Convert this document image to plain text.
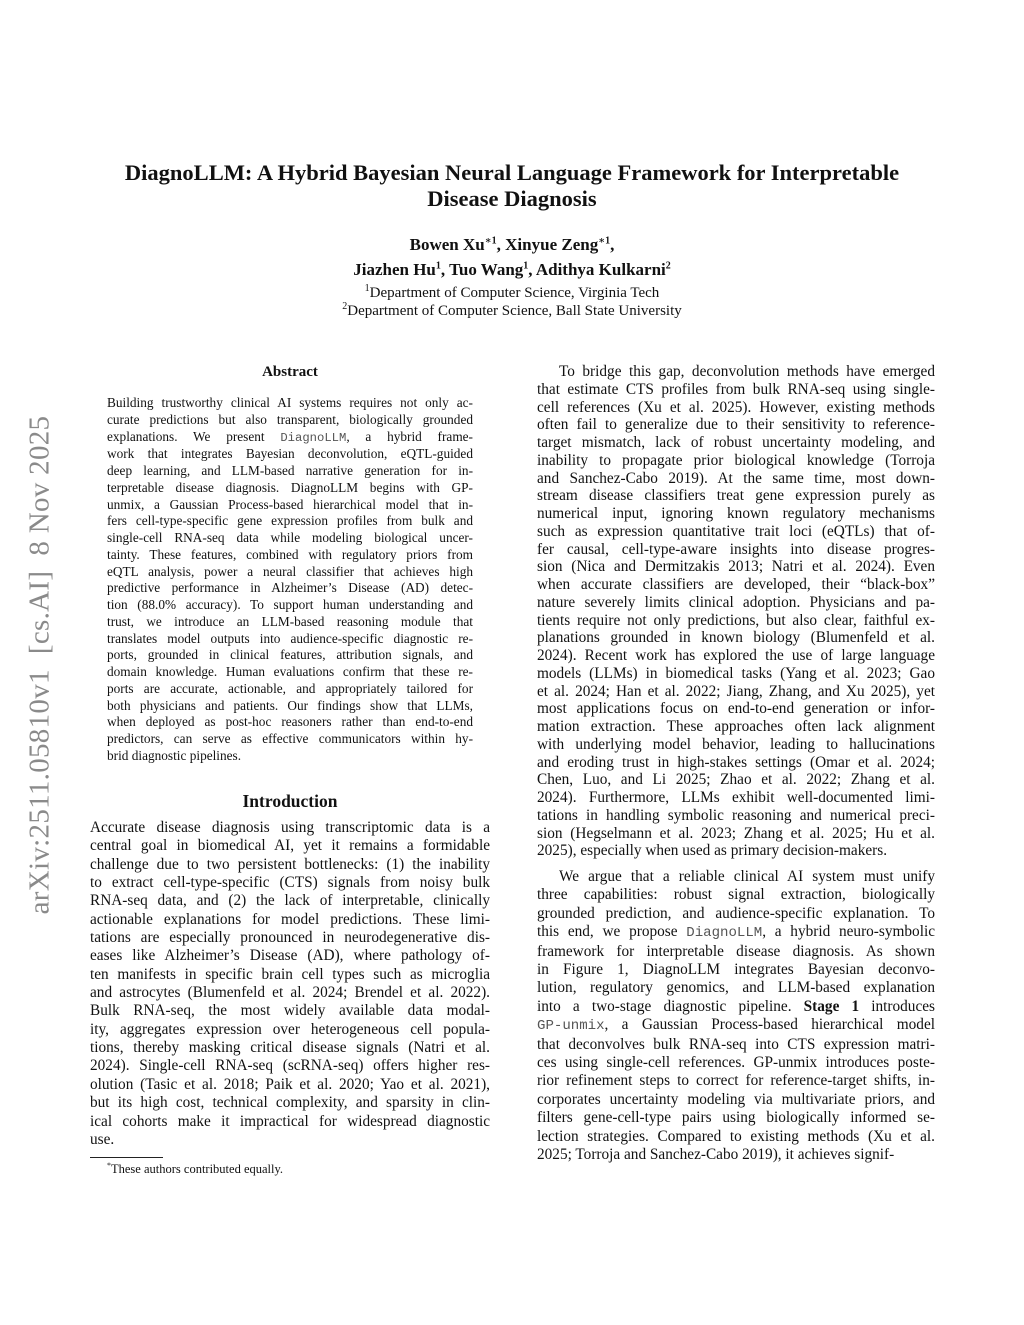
DiagnoLLM: A Hybrid Bayesian Neural Language Framework for Interpretable
Disease Diagnosis
Bowen $Xu^{∗1}$, Xinyue Zeng$^{∗1}$,
Jiazhen Hu$^1$, Tuo Wang$^1$, Adithya Kulkarni$^2$
$^1$Department of Computer Science, Virginia Tech
$^2$Department of Computer Science, Ball State University
arXiv:2511.05810v1  [cs.AI]  8 Nov 2025
Abstract
Building trustworthy clinical AI systems requires not only ac-
curate predictions but also transparent, biologically grounded
explanations. We present DiagnoLLM, a hybrid frame-
work that integrates Bayesian deconvolution, eQTL-guided
deep learning, and LLM-based narrative generation for in-
terpretable disease diagnosis. DiagnoLLM begins with GP-
unmix, a Gaussian Process-based hierarchical model that in-
fers cell-type-specific gene expression profiles from bulk and
single-cell RNA-seq data while modeling biological uncer-
tainty. These features, combined with regulatory priors from
eQTL analysis, power a neural classifier that achieves high
predictive performance in Alzheimer’s Disease (AD) detec-
tion (88.0% accuracy). To support human understanding and
trust, we introduce an LLM-based reasoning module that
translates model outputs into audience-specific diagnostic re-
ports, grounded in clinical features, attribution signals, and
domain knowledge. Human evaluations confirm that these re-
ports are accurate, actionable, and appropriately tailored for
both physicians and patients. Our findings show that LLMs,
when deployed as post-hoc reasoners rather than end-to-end
predictors, can serve as effective communicators within hy-
brid diagnostic pipelines.
Introduction
Accurate disease diagnosis using transcriptomic data is a
central goal in biomedical AI, yet it remains a formidable
challenge due to two persistent bottlenecks: (1) the inability
to extract cell-type-specific (CTS) signals from noisy bulk
RNA-seq data, and (2) the lack of interpretable, clinically
actionable explanations for model predictions. These limi-
tations are especially pronounced in neurodegenerative dis-
eases like Alzheimer’s Disease (AD), where pathology of-
ten manifests in specific brain cell types such as microglia
and astrocytes (Blumenfeld et al. 2024; Brendel et al. 2022).
Bulk RNA-seq, the most widely available data modal-
ity, aggregates expression over heterogeneous cell popula-
tions, thereby masking critical disease signals (Natri et al.
2024). Single-cell RNA-seq (scRNA-seq) offers higher res-
olution (Tasic et al. 2018; Paik et al. 2020; Yao et al. 2021),
but its high cost, technical complexity, and sparsity in clin-
ical cohorts make it impractical for widespread diagnostic
use.
To bridge this gap, deconvolution methods have emerged
that estimate CTS profiles from bulk RNA-seq using single-
cell references (Xu et al. 2025). However, existing methods
often fail to generalize due to their sensitivity to reference-
target mismatch, lack of robust uncertainty modeling, and
inability to propagate prior biological knowledge (Torroja
and Sanchez-Cabo 2019). At the same time, most down-
stream disease classifiers treat gene expression purely as
numerical input, ignoring known regulatory mechanisms
such as expression quantitative trait loci (eQTLs) that of-
fer causal, cell-type-aware insights into disease progres-
sion (Nica and Dermitzakis 2013; Natri et al. 2024). Even
when accurate classifiers are developed, their “black-box”
nature severely limits clinical adoption. Physicians and pa-
tients require not only predictions, but also clear, faithful ex-
planations grounded in known biology (Blumenfeld et al.
2024). Recent work has explored the use of large language
models (LLMs) in biomedical tasks (Yang et al. 2023; Gao
et al. 2024; Han et al. 2022; Jiang, Zhang, and Xu 2025), yet
most applications focus on end-to-end generation or infor-
mation extraction. These approaches often lack alignment
with underlying model behavior, leading to hallucinations
and eroding trust in high-stakes settings (Omar et al. 2024;
Chen, Luo, and Li 2025; Zhao et al. 2022; Zhang et al.
2024). Furthermore, LLMs exhibit well-documented limi-
tations in handling symbolic reasoning and numerical preci-
sion (Hegselmann et al. 2023; Zhang et al. 2025; Hu et al.
2025), especially when used as primary decision-makers.
We argue that a reliable clinical AI system must unify
three capabilities: robust signal extraction, biologically
grounded prediction, and audience-specific explanation. To
this end, we propose DiagnoLLM, a hybrid neuro-symbolic
framework for interpretable disease diagnosis. As shown
in Figure 1, DiagnoLLM integrates Bayesian deconvo-
lution, regulatory genomics, and LLM-based explanation
into a two-stage diagnostic pipeline. Stage 1 introduces
GP-unmix, a Gaussian Process-based hierarchical model
that deconvolves bulk RNA-seq into CTS expression matri-
ces using single-cell references. GP-unmix introduces poste-
rior refinement steps to correct for reference-target shifts, in-
corporates uncertainty modeling via multivariate priors, and
filters gene-cell-type pairs using biologically informed se-
lection strategies. Compared to existing methods (Xu et al.
2025; Torroja and Sanchez-Cabo 2019), it achieves signif-
*These authors contributed equally.
